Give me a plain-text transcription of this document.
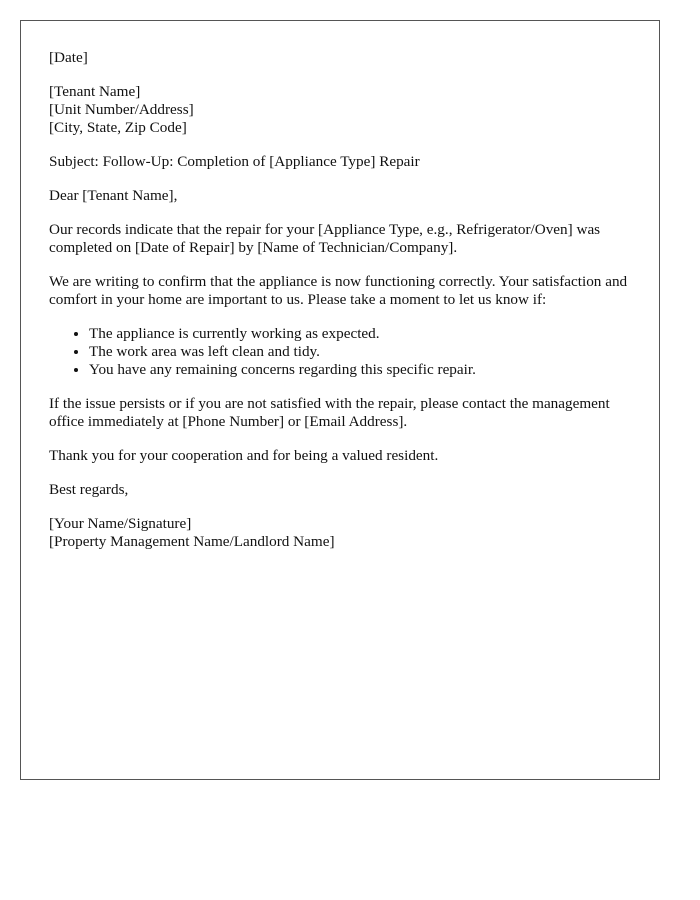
[Date]

[Tenant Name]
[Unit Number/Address]
[City, State, Zip Code]

Subject: Follow-Up: Completion of [Appliance Type] Repair

Dear [Tenant Name],

Our records indicate that the repair for your [Appliance Type, e.g., Refrigerator/Oven] was completed on [Date of Repair] by [Name of Technician/Company].

We are writing to confirm that the appliance is now functioning correctly. Your satisfaction and comfort in your home are important to us. Please take a moment to let us know if:

• The appliance is currently working as expected.
• The work area was left clean and tidy.
• You have any remaining concerns regarding this specific repair.

If the issue persists or if you are not satisfied with the repair, please contact the management office immediately at [Phone Number] or [Email Address].

Thank you for your cooperation and for being a valued resident.

Best regards,

[Your Name/Signature]
[Property Management Name/Landlord Name]
